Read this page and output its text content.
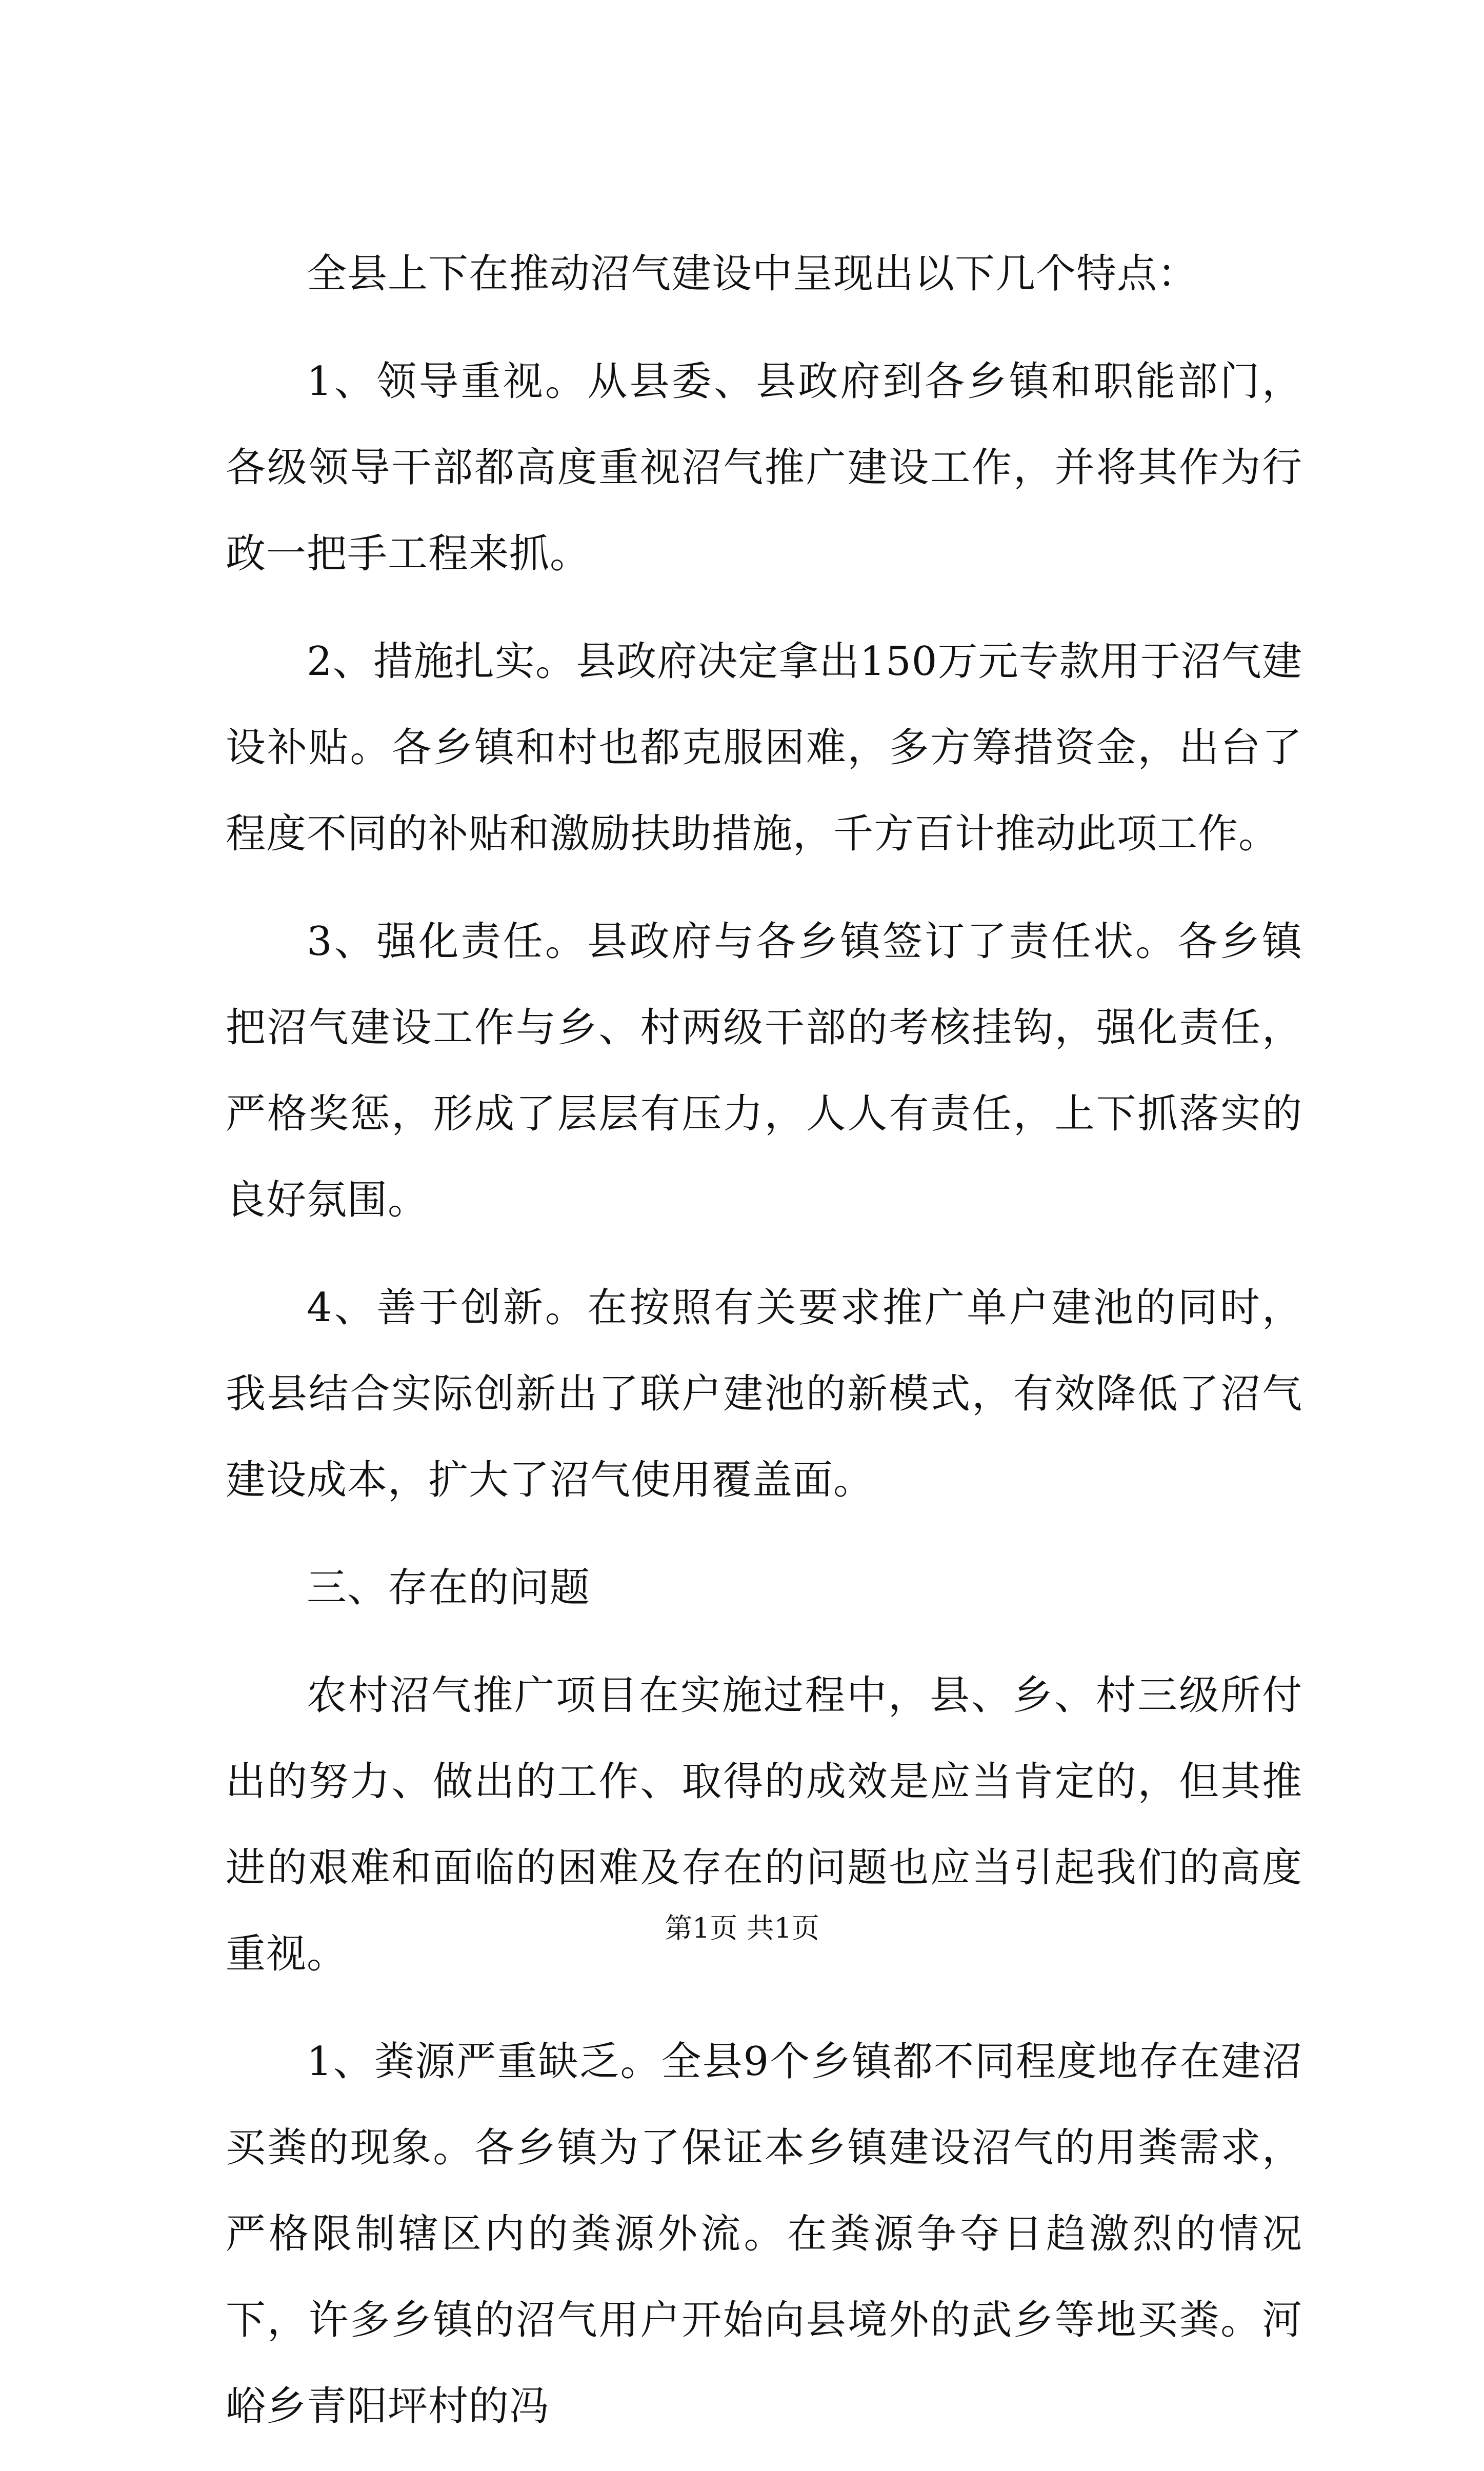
全县上下在推动沼气建设中呈现出以下几个特点：

1、领导重视。从县委、县政府到各乡镇和职能部门，各级领导干部都高度重视沼气推广建设工作，并将其作为行政一把手工程来抓。

2、措施扎实。县政府决定拿出150万元专款用于沼气建设补贴。各乡镇和村也都克服困难，多方筹措资金，出台了程度不同的补贴和激励扶助措施，千方百计推动此项工作。

3、强化责任。县政府与各乡镇签订了责任状。各乡镇把沼气建设工作与乡、村两级干部的考核挂钩，强化责任，严格奖惩，形成了层层有压力，人人有责任，上下抓落实的良好氛围。

4、善于创新。在按照有关要求推广单户建池的同时，我县结合实际创新出了联户建池的新模式，有效降低了沼气建设成本，扩大了沼气使用覆盖面。

三、存在的问题

农村沼气推广项目在实施过程中，县、乡、村三级所付出的努力、做出的工作、取得的成效是应当肯定的，但其推进的艰难和面临的困难及存在的问题也应当引起我们的高度重视。

1、粪源严重缺乏。全县9个乡镇都不同程度地存在建沼买粪的现象。各乡镇为了保证本乡镇建设沼气的用粪需求，严格限制辖区内的粪源外流。在粪源争夺日趋激烈的情况下，许多乡镇的沼气用户开始向县境外的武乡等地买粪。河峪乡青阳坪村的冯

第1页 共1页
